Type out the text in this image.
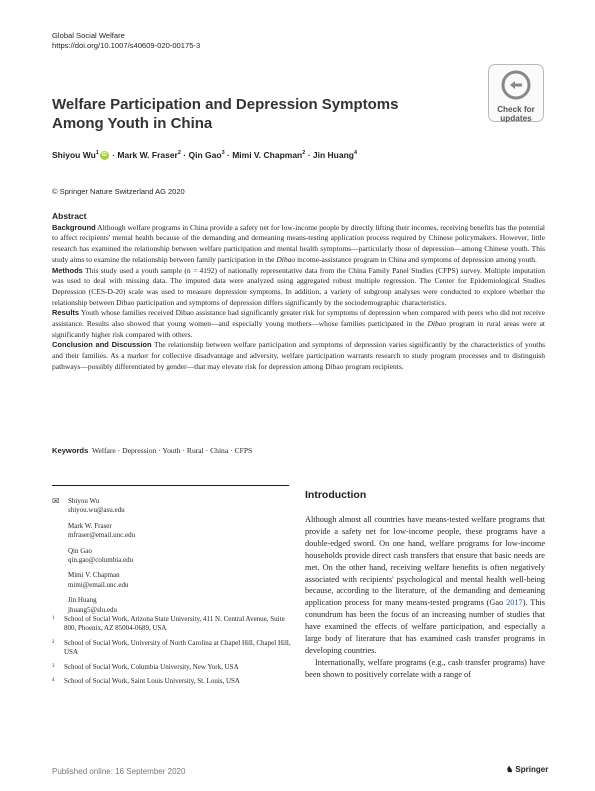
Global Social Welfare
https://doi.org/10.1007/s40609-020-00175-3
Check for
updates
Welfare Participation and Depression Symptoms Among Youth in China
Shiyou Wu$^1$ iD · Mark W. Fraser$^2$ · Qin Gao$^3$ · Mimi V. Chapman$^2$ · Jin Huang$^4$
© Springer Nature Switzerland AG 2020
Abstract

Background Although welfare programs in China provide a safety net for low-income people by directly lifting their incomes, receiving benefits has the potential to affect recipients' mental health because of the demanding and demeaning means-testing application process required by Chinese policymakers. However, little research has examined the relationship between welfare participation and mental health symptoms—particularly those of depression—among Chinese youth. This study aims to examine the relationship between family participation in the Dibao income-assistance program in China and symptoms of depression among youth.

Methods This study used a youth sample (n = 4192) of nationally representative data from the China Family Panel Studies (CFPS) survey. Multiple imputation was used to deal with missing data. The imputed data were analyzed using aggregated robust multiple regression. The Center for Epidemiological Studies Depression (CES-D-20) scale was used to measure depression symptoms. In addition, a variety of subgroup analyses were conducted to explore whether the relationship between Dibao participation and symptoms of depression differs significantly by the sociodemographic characteristics.

Results Youth whose families received Dibao assistance had significantly greater risk for symptoms of depression when compared with peers who did not receive assistance. Results also showed that young women—and especially young mothers—whose families participated in the Dibao program in rural areas were at significantly higher risk compared with others.

Conclusion and Discussion The relationship between welfare participation and symptoms of depression varies significantly by the characteristics of youths and their families. As a marker for collective disadvantage and adversity, welfare participation warrants research to study program processes and to distinguish pathways—possibly differentiated by gender—that may elevate risk for depression among Dibao program recipients.

Keywords Welfare · Depression · Youth · Rural · China · CFPS
✉	Shiyou Wu
shiyou.wu@asu.edu
Mark W. Fraser
mfraser@email.unc.edu
Qin Gao
qin.gao@columbia.edu
Mimi V. Chapman
mimi@email.unc.edu
Jin Huang
jhuang5@slu.edu
1	School of Social Work, Arizona State University, 411 N. Central Avenue, Suite 800, Phoenix, AZ 85004-0689, USA
2	School of Social Work, University of North Carolina at Chapel Hill, Chapel Hill, USA
3	School of Social Work, Columbia University, New York, USA
4	School of Social Work, Saint Louis University, St. Louis, USA
Introduction

Although almost all countries have means-tested welfare programs that provide a safety net for low-income people, these programs have a double-edged sword. On one hand, welfare programs for low-income households provide direct cash transfers that ensure that basic needs are met. On the other hand, receiving welfare benefits is often negatively associated with recipients' psychological and mental health well-being because, according to the literature, of the demanding and demeaning application process for many means-tested programs (Gao 2017). This conundrum has been the focus of an increasing number of studies that have examined the effects of welfare participation, and especially a large body of literature that has examined cash transfer programs in developing countries.

Internationally, welfare programs (e.g., cash transfer programs) have been shown to positively correlate with a range of

Published online: 16 September 2020	♞ Springer
